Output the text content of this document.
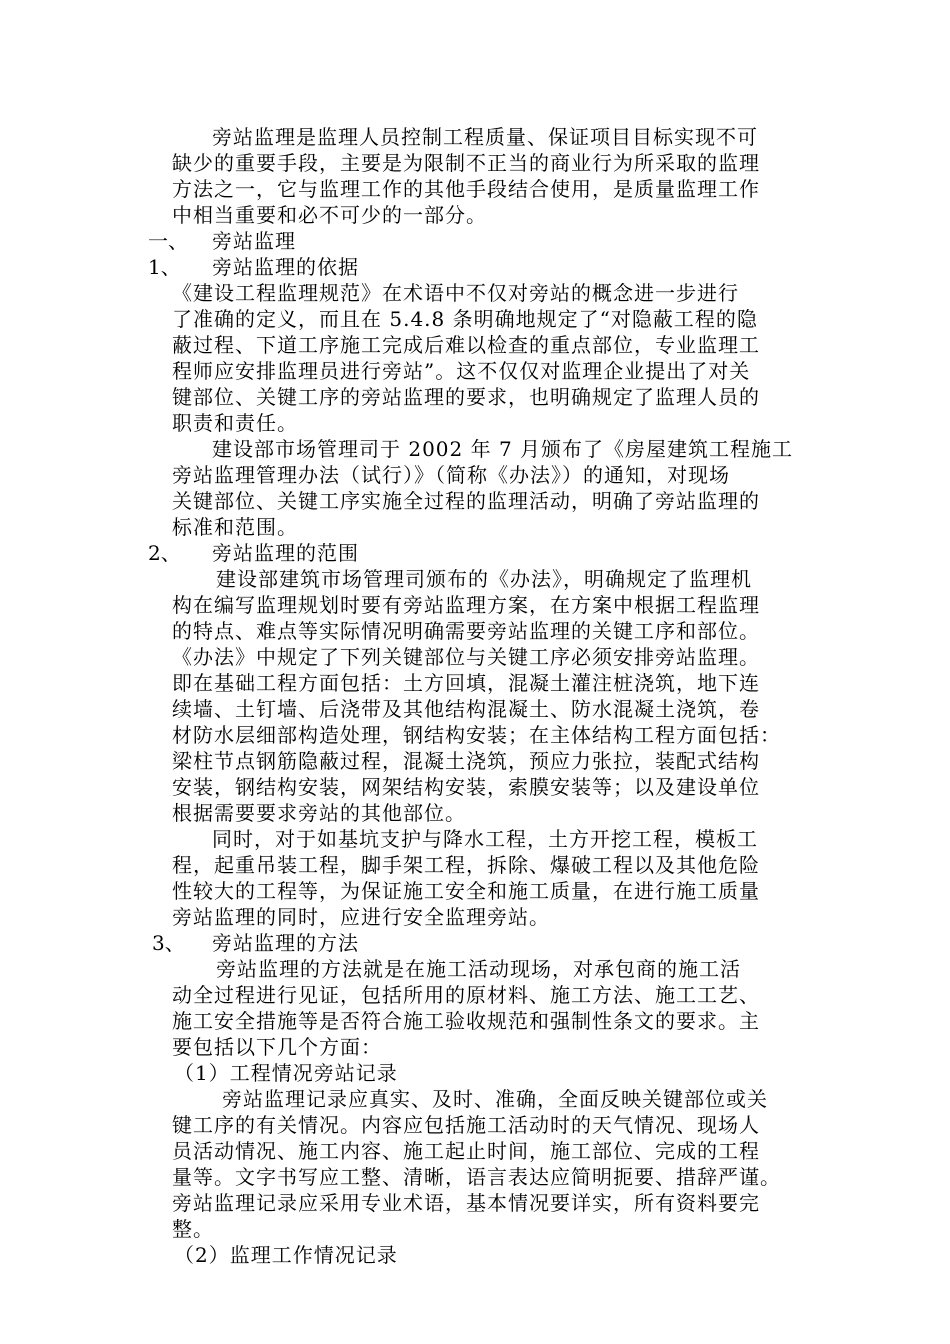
旁站监理是监理人员控制工程质量、保证项目目标实现不可
缺少的重要手段，主要是为限制不正当的商业行为所采取的监理
方法之一，它与监理工作的其他手段结合使用，是质量监理工作
中相当重要和必不可少的一部分。
一、 旁站监理
1、 旁站监理的依据
《建设工程监理规范》在术语中不仅对旁站的概念进一步进行
了准确的定义，而且在 5.4.8 条明确地规定了“对隐蔽工程的隐
蔽过程、下道工序施工完成后难以检查的重点部位，专业监理工
程师应安排监理员进行旁站”。这不仅仅对监理企业提出了对关
键部位、关键工序的旁站监理的要求，也明确规定了监理人员的
职责和责任。
建设部市场管理司于 2002 年 7 月颁布了《房屋建筑工程施工
旁站监理管理办法（试行）》（简称《办法》）的通知，对现场
关键部位、关键工序实施全过程的监理活动，明确了旁站监理的
标准和范围。
2、 旁站监理的范围
建设部建筑市场管理司颁布的《办法》，明确规定了监理机
构在编写监理规划时要有旁站监理方案，在方案中根据工程监理
的特点、难点等实际情况明确需要旁站监理的关键工序和部位。
《办法》中规定了下列关键部位与关键工序必须安排旁站监理。
即在基础工程方面包括：土方回填，混凝土灌注桩浇筑，地下连
续墙、土钉墙、后浇带及其他结构混凝土、防水混凝土浇筑，卷
材防水层细部构造处理，钢结构安装；在主体结构工程方面包括：
梁柱节点钢筋隐蔽过程，混凝土浇筑，预应力张拉，装配式结构
安装，钢结构安装，网架结构安装，索膜安装等；以及建设单位
根据需要要求旁站的其他部位。
同时，对于如基坑支护与降水工程，土方开挖工程，模板工
程，起重吊装工程，脚手架工程，拆除、爆破工程以及其他危险
性较大的工程等，为保证施工安全和施工质量，在进行施工质量
旁站监理的同时，应进行安全监理旁站。
3、 旁站监理的方法
旁站监理的方法就是在施工活动现场，对承包商的施工活
动全过程进行见证，包括所用的原材料、施工方法、施工工艺、
施工安全措施等是否符合施工验收规范和强制性条文的要求。主
要包括以下几个方面：
（1）工程情况旁站记录
旁站监理记录应真实、及时、准确，全面反映关键部位或关
键工序的有关情况。内容应包括施工活动时的天气情况、现场人
员活动情况、施工内容、施工起止时间，施工部位、完成的工程
量等。文字书写应工整、清晰，语言表达应简明扼要、措辞严谨。
旁站监理记录应采用专业术语，基本情况要详实，所有资料要完
整。
（2）监理工作情况记录
